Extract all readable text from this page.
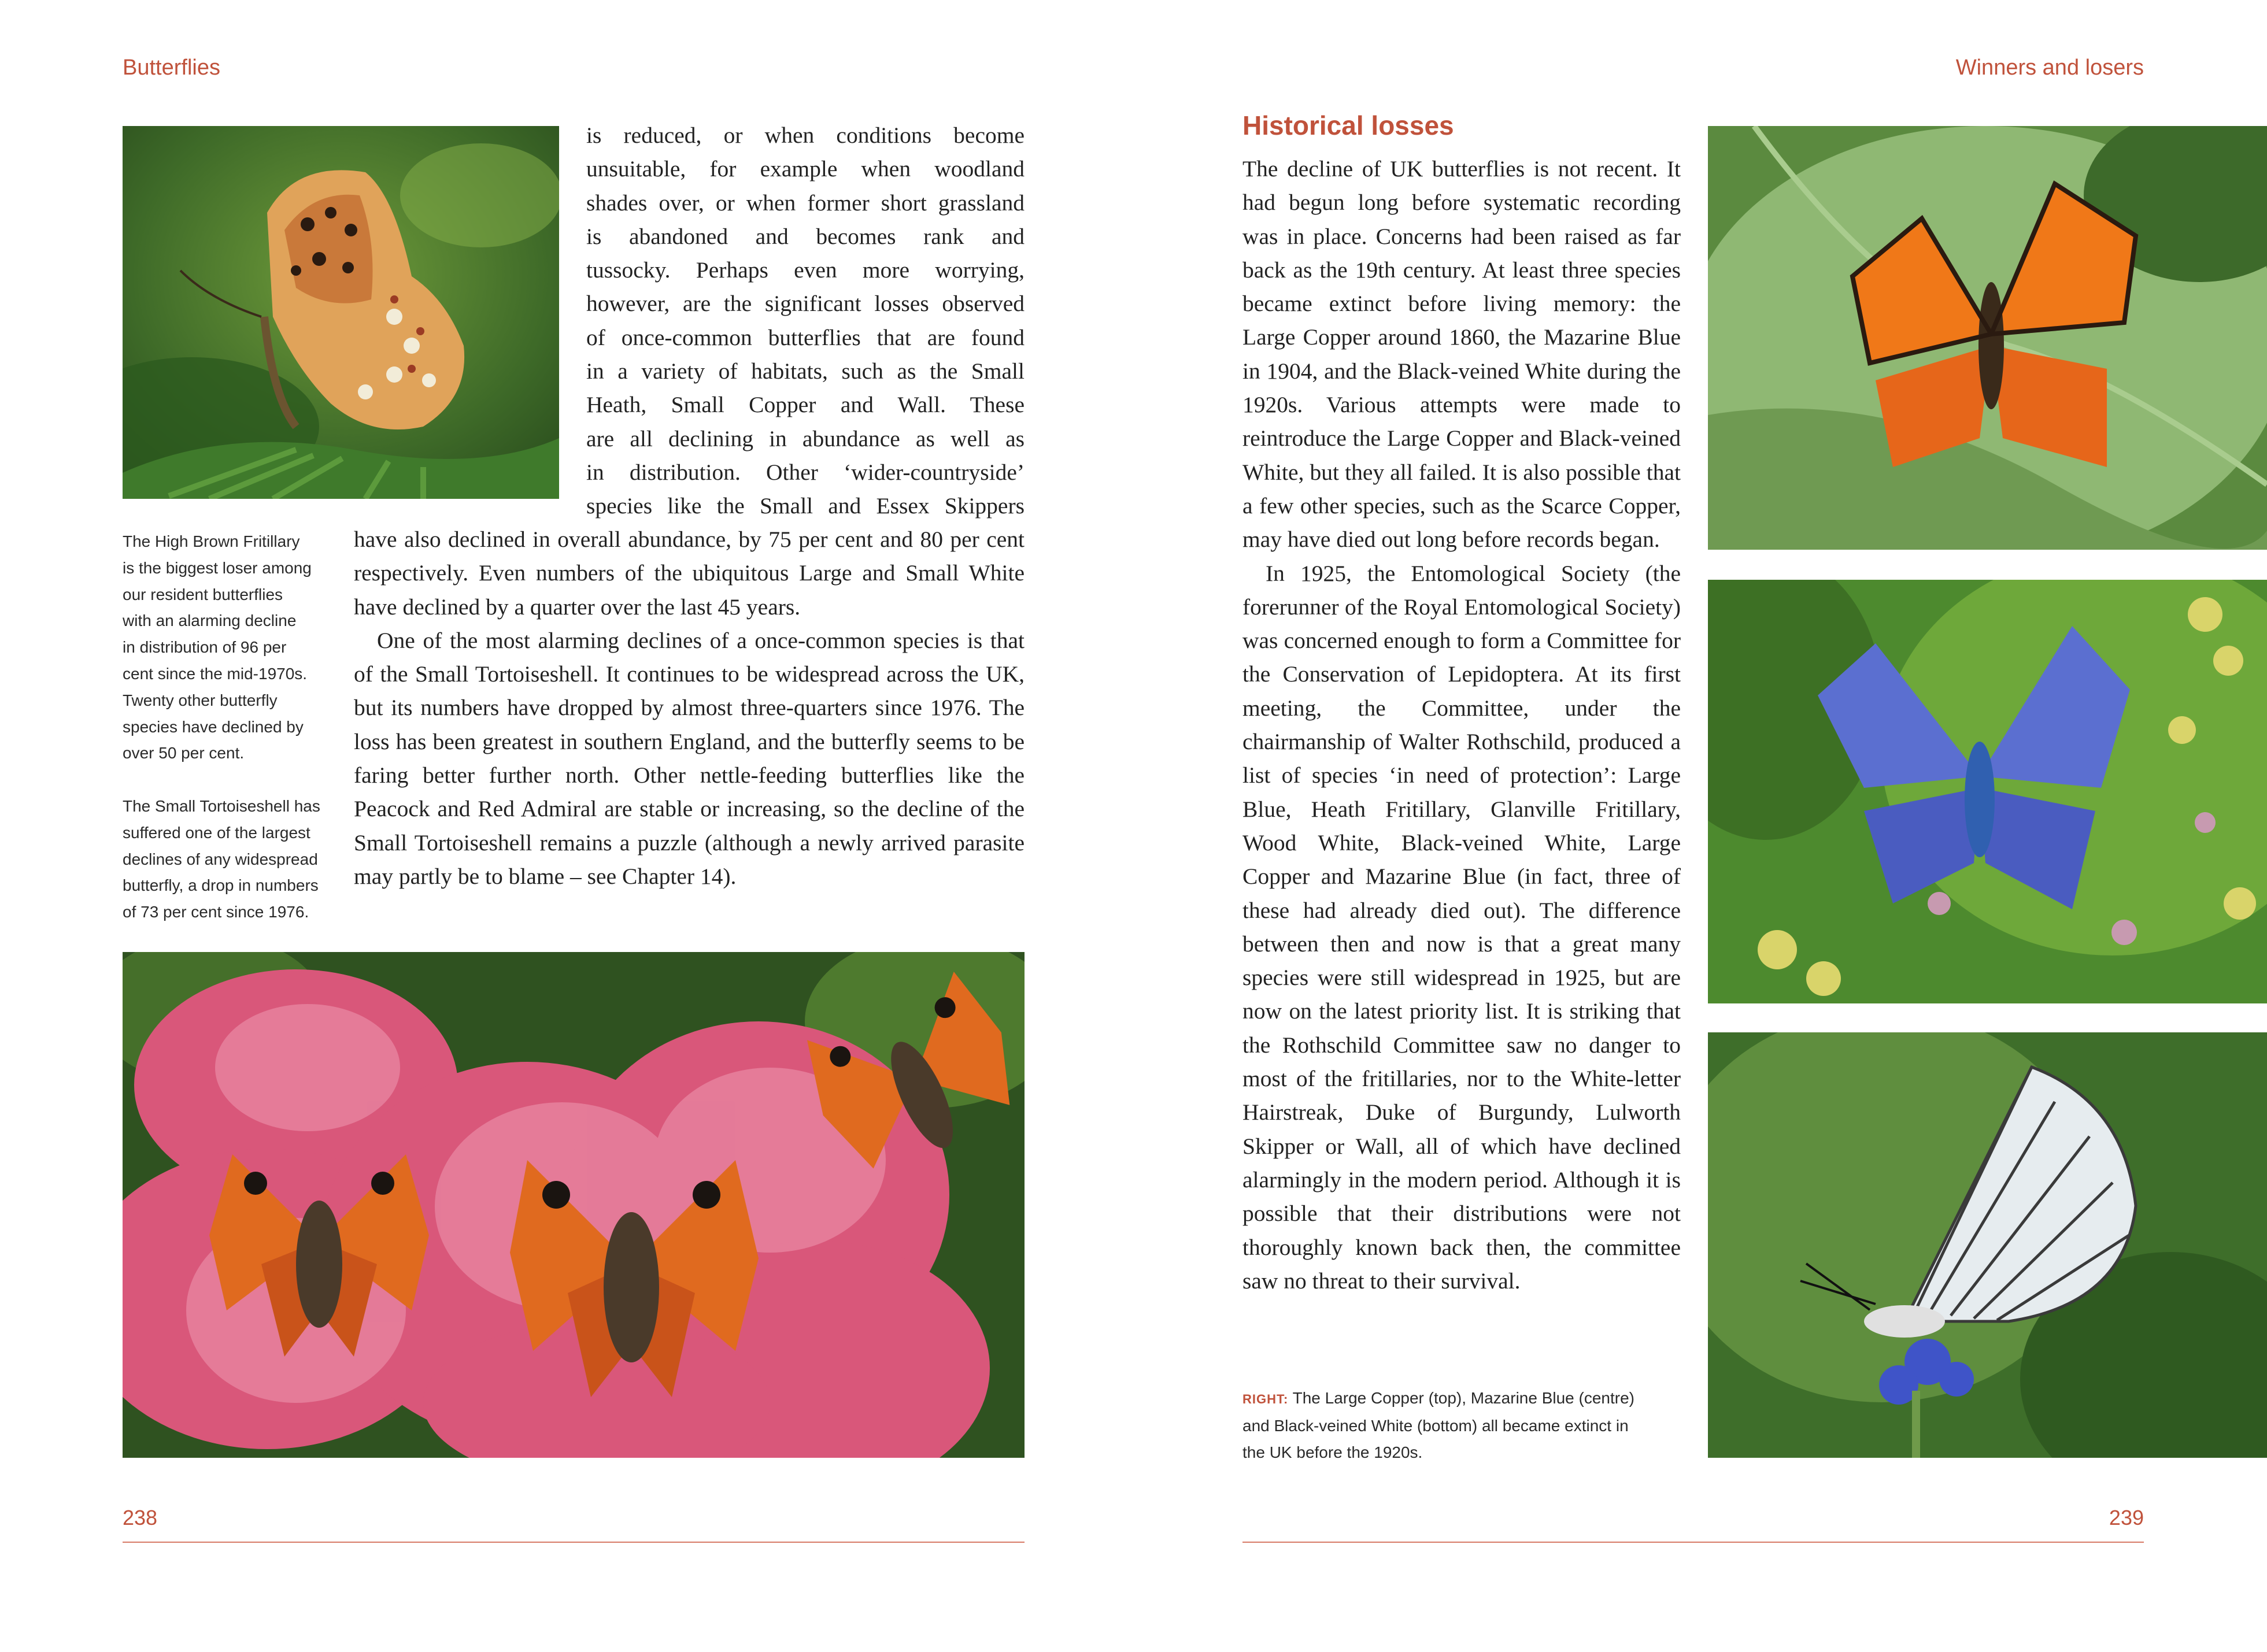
Butterflies
is reduced, or when conditions become
unsuitable, for example when woodland
shades over, or when former short grassland
is abandoned and becomes rank and
tussocky. Perhaps even more worrying,
however, are the significant losses observed
of once-common butterflies that are found
in a variety of habitats, such as the Small
Heath, Small Copper and Wall. These
are all declining in abundance as well as
in distribution. Other ‘wider-countryside’
species like the Small and Essex Skippers

have also declined in overall abundance, by 75 per cent and 80 per cent respectively. Even numbers of the ubiquitous Large and Small White have declined by a quarter over the last 45 years.

One of the most alarming declines of a once-common species is that of the Small Tortoiseshell. It continues to be widespread across the UK, but its numbers have dropped by almost three-quarters since 1976. The loss has been greatest in southern England, and the butterfly seems to be faring better further north. Other nettle-feeding butterflies like the Peacock and Red Admiral are stable or increasing, so the decline of the Small Tortoiseshell remains a puzzle (although a newly arrived parasite may partly be to blame – see Chapter 14).

The High Brown Fritillary
is the biggest loser among
our resident butterflies
with an alarming decline
in distribution of 96 per
cent since the mid-1970s.
Twenty other butterfly
species have declined by
over 50 per cent.
The Small Tortoiseshell has
suffered one of the largest
declines of any widespread
butterfly, a drop in numbers
of 73 per cent since 1976.
238
Winners and losers
Historical losses

The decline of UK butterflies is not recent. It had begun long before systematic recording was in place. Concerns had been raised as far back as the 19th century. At least three species became extinct before living memory: the Large Copper around 1860, the Mazarine Blue in 1904, and the Black-veined White during the 1920s. Various attempts were made to reintroduce the Large Copper and Black-veined White, but they all failed. It is also possible that a few other species, such as the Scarce Copper, may have died out long before records began.

In 1925, the Entomological Society (the forerunner of the Royal Entomological Society) was concerned enough to form a Committee for the Conservation of Lepidoptera. At its first meeting, the Committee, under the chairmanship of Walter Rothschild, produced a list of species ‘in need of protection’: Large Blue, Heath Fritillary, Glanville Fritillary, Wood White, Black-veined White, Large Copper and Mazarine Blue (in fact, three of these had already died out). The difference between then and now is that a great many species were still widespread in 1925, but are now on the latest priority list. It is striking that the Rothschild Committee saw no danger to most of the fritillaries, nor to the White-letter Hairstreak, Duke of Burgundy, Lulworth Skipper or Wall, all of which have declined alarmingly in the modern period. Although it is possible that their distributions were not thoroughly known back then, the committee saw no threat to their survival.

RIGHT: The Large Copper (top), Mazarine Blue (centre)
and Black-veined White (bottom) all became extinct in
the UK before the 1920s.
239
